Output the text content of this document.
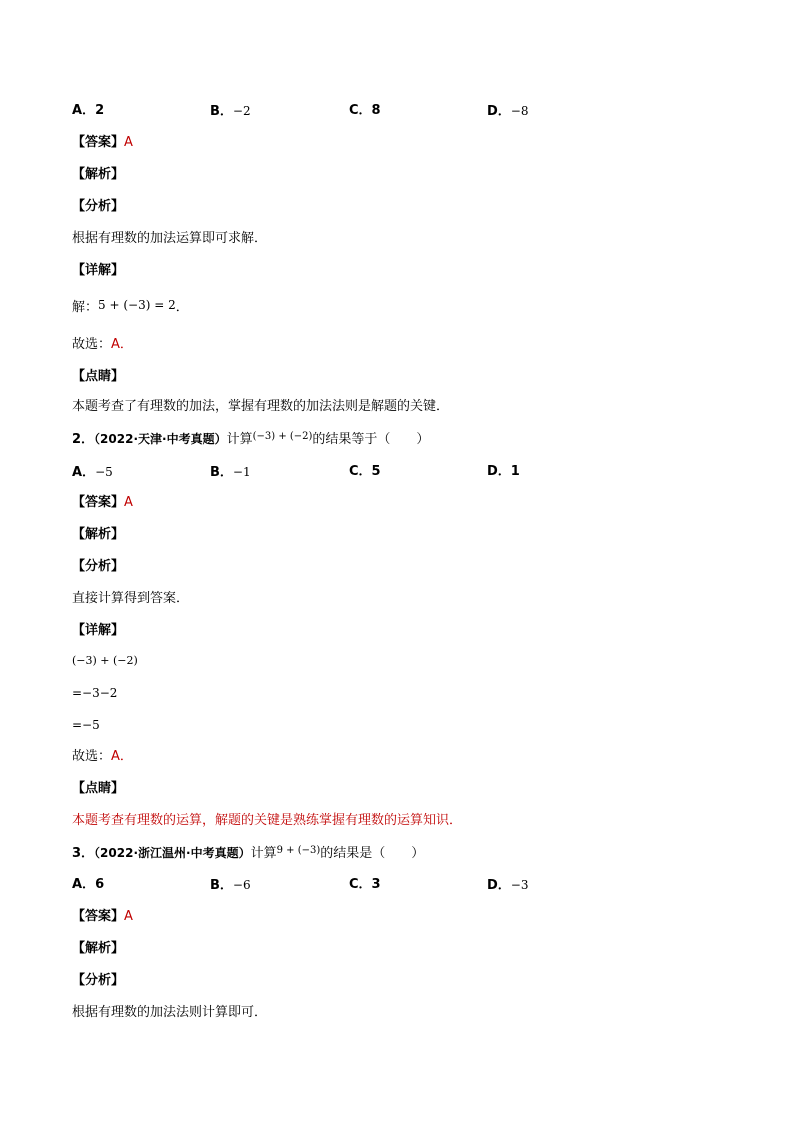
A．2	B．−2	C．8	D．−8
【答案】A
【解析】
【分析】
根据有理数的加法运算即可求解．
【详解】
解：5 + (−3) = 2．
故选：A．
【点睛】
本题考查了有理数的加法，掌握有理数的加法法则是解题的关键．
2．（2022·天津·中考真题）计算$^{(-3) + (-2)}$的结果等于（　　）
A．−5	B．−1	C．5	D．1
【答案】A
【解析】
【分析】
直接计算得到答案．
【详解】
(−3) + (−2)
=−3−2
=−5
故选：A．
【点睛】
本题考查有理数的运算，解题的关键是熟练掌握有理数的运算知识．
3．（2022·浙江温州·中考真题）计算$^{9 + (-3)}$的结果是（　　）
A．6	B．−6	C．3	D．−3
【答案】A
【解析】
【分析】
根据有理数的加法法则计算即可．
